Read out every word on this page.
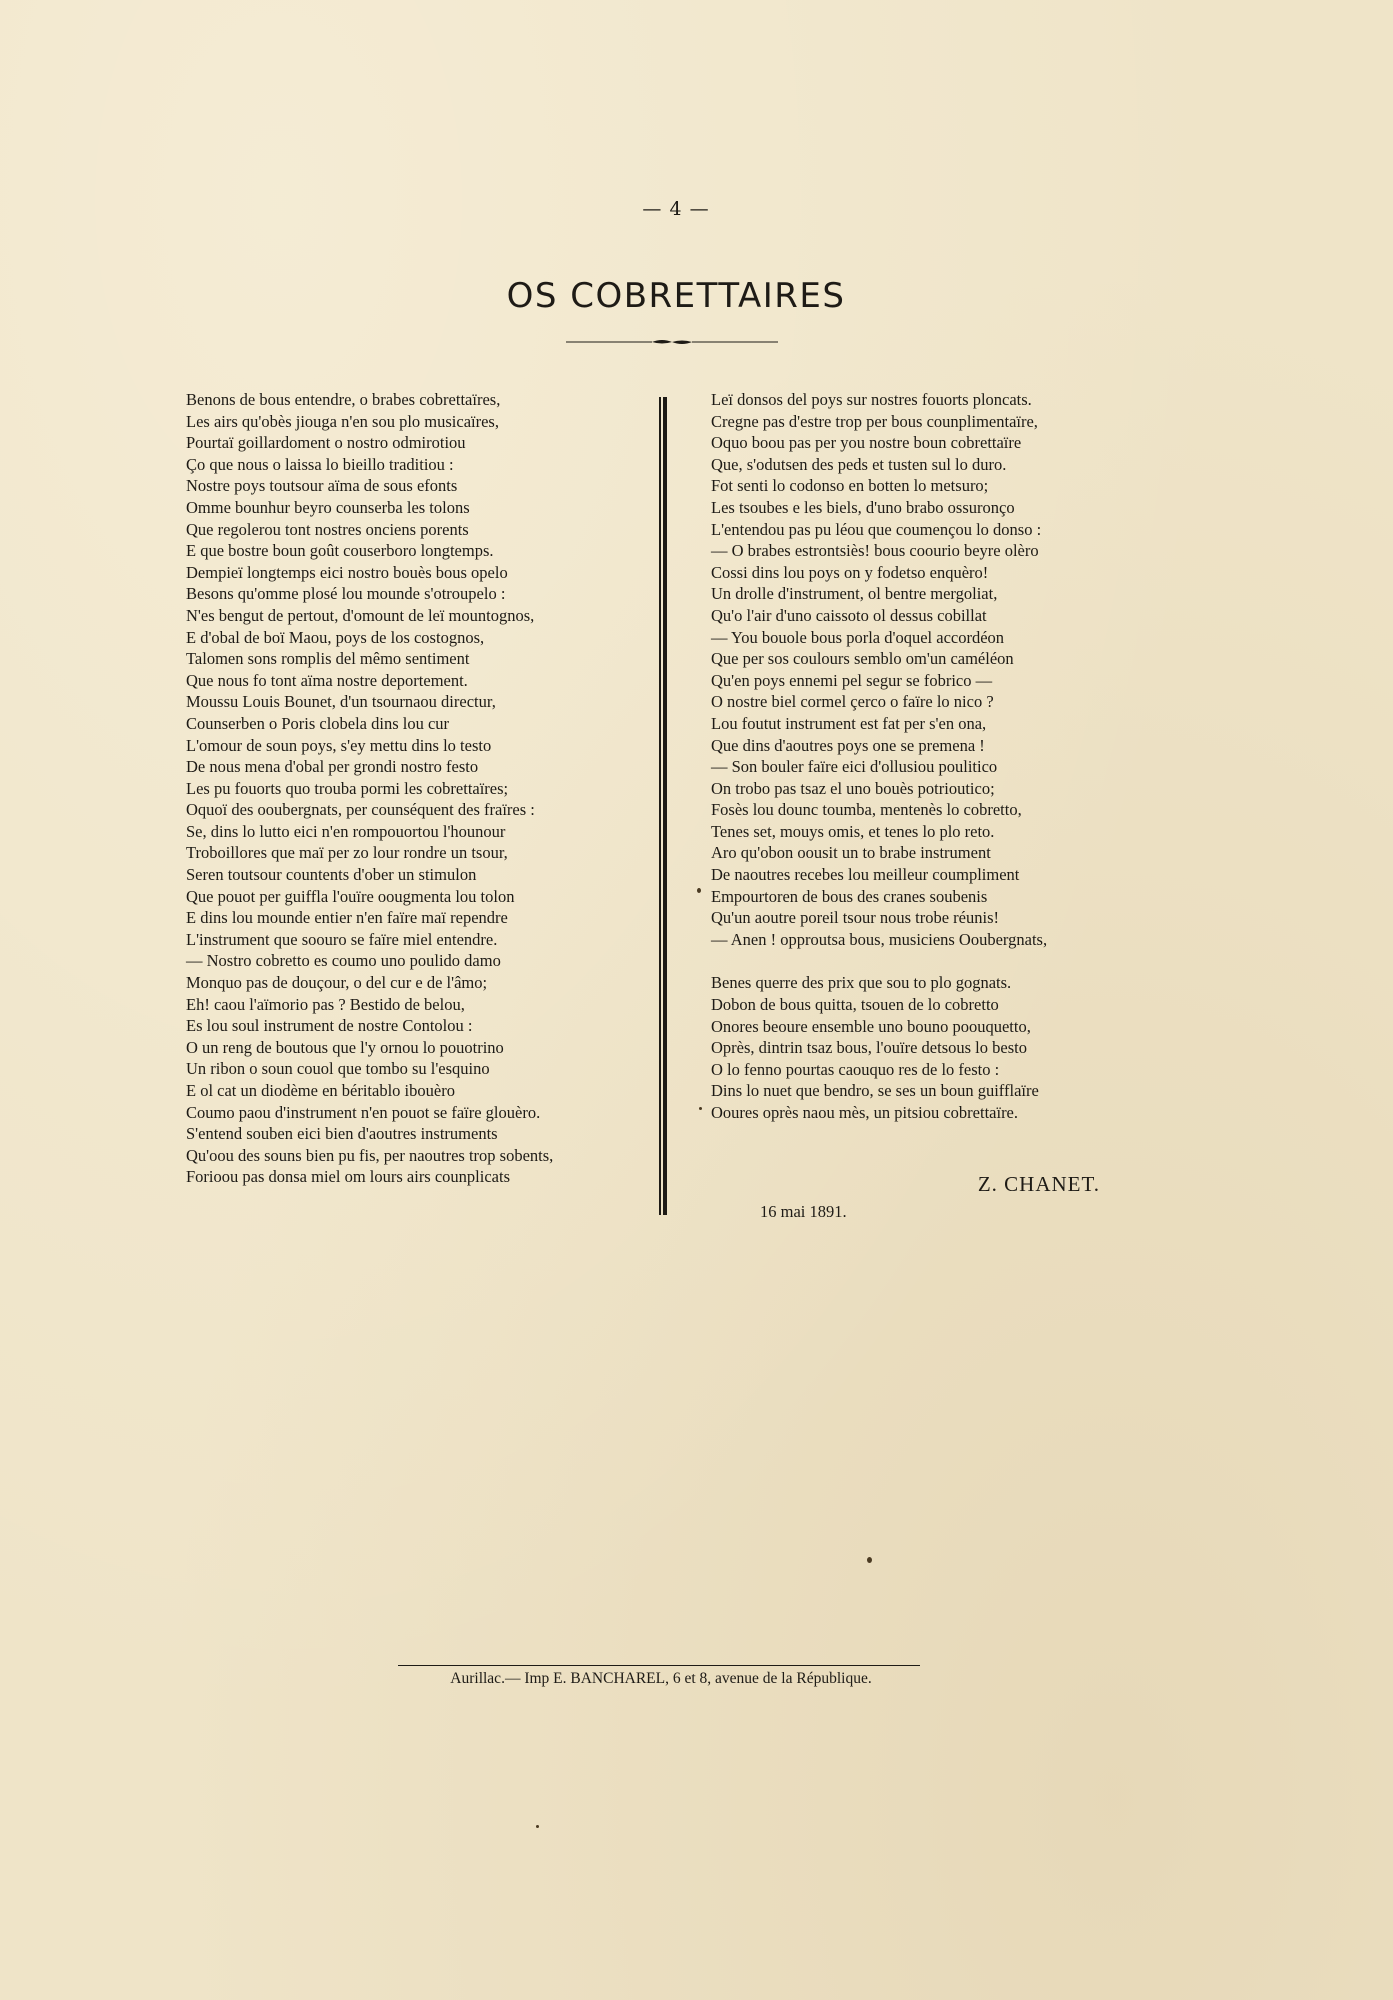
— 4 —
OS COBRETTAIRES
Benons de bous entendre, o brabes cobrettaïres,
Les airs qu'obès jiouga n'en sou plo musicaïres,
Pourtaï goillardoment o nostro odmirotiou
Ço que nous o laissa lo bieillo traditiou :
Nostre poys toutsour aïma de sous efonts
Omme bounhur beyro counserba les tolons
Que regolerou tont nostres onciens porents
E que bostre boun goût couserboro longtemps.
Dempieï longtemps eici nostro bouès bous opelo
Besons qu'omme plosé lou mounde s'otroupelo :
N'es bengut de pertout, d'omount de leï mountognos,
E d'obal de boï Maou, poys de los costognos,
Talomen sons romplis del mêmo sentiment
Que nous fo tont aïma nostre deportement.
Moussu Louis Bounet, d'un tsournaou directur,
Counserben o Poris clobela dins lou cur
L'omour de soun poys, s'ey mettu dins lo testo
De nous mena d'obal per grondi nostro festo
Les pu fouorts quo trouba pormi les cobrettaïres;
Oquoï des ooubergnats, per counséquent des fraïres :
Se, dins lo lutto eici n'en rompouortou l'hounour
Troboillores que maï per zo lour rondre un tsour,
Seren toutsour countents d'ober un stimulon
Que pouot per guiffla l'ouïre oougmenta lou tolon
E dins lou mounde entier n'en faïre maï rependre
L'instrument que soouro se faïre miel entendre.
— Nostro cobretto es coumo uno poulido damo
Monquo pas de douçour, o del cur e de l'âmo;
Eh! caou l'aïmorio pas ? Bestido de belou,
Es lou soul instrument de nostre Contolou :
O un reng de boutous que l'y ornou lo pouotrino
Un ribon o soun couol que tombo su l'esquino
E ol cat un diodème en béritablo ibouèro
Coumo paou d'instrument n'en pouot se faïre glouèro.
S'entend souben eici bien d'aoutres instruments
Qu'oou des souns bien pu fis, per naoutres trop sobents,
Forioou pas donsa miel om lours airs counplicats
Leï donsos del poys sur nostres fouorts ploncats.
Cregne pas d'estre trop per bous counplimentaïre,
Oquo boou pas per you nostre boun cobrettaïre
Que, s'odutsen des peds et tusten sul lo duro.
Fot senti lo codonso en botten lo metsuro;
Les tsoubes e les biels, d'uno brabo ossuronço
L'entendou pas pu léou que coumençou lo donso :
— O brabes estrontsiès! bous coourio beyre olèro
Cossi dins lou poys on y fodetso enquèro!
Un drolle d'instrument, ol bentre mergoliat,
Qu'o l'air d'uno caissoto ol dessus cobillat
— You bouole bous porla d'oquel accordéon
Que per sos coulours semblo om'un caméléon
Qu'en poys ennemi pel segur se fobrico —
O nostre biel cormel çerco o faïre lo nico ?
Lou foutut instrument est fat per s'en ona,
Que dins d'aoutres poys one se premena !
— Son bouler faïre eici d'ollusiou poulitico
On trobo pas tsaz el uno bouès potrioutico;
Fosès lou dounc toumba, mentenès lo cobretto,
Tenes set, mouys omis, et tenes lo plo reto.
Aro qu'obon oousit un to brabe instrument
De naoutres recebes lou meilleur coumpliment
Empourtoren de bous des cranes soubenis
Qu'un aoutre poreil tsour nous trobe réunis!
— Anen ! opproutsa bous, musiciens Ooubergnats,
Benes querre des prix que sou to plo gognats.
Dobon de bous quitta, tsouen de lo cobretto
Onores beoure ensemble uno bouno poouquetto,
Oprès, dintrin tsaz bous, l'ouïre detsous lo besto
O lo fenno pourtas caouquo res de lo festo :
Dins lo nuet que bendro, se ses un boun guifflaïre
Ooures oprès naou mès, un pitsiou cobrettaïre.
Z. CHANET.
16 mai 1891.
Aurillac.— Imp E. BANCHAREL, 6 et 8, avenue de la République.
